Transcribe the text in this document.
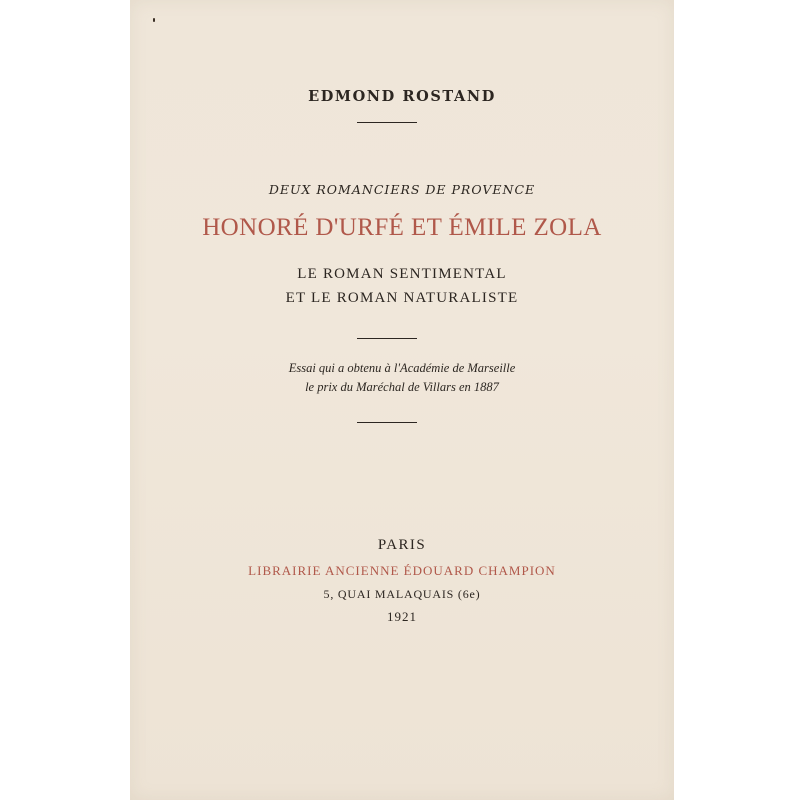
EDMOND ROSTAND

DEUX ROMANCIERS DE PROVENCE

HONORÉ D'URFÉ ET ÉMILE ZOLA

LE ROMAN SENTIMENTAL

ET LE ROMAN NATURALISTE

Essai qui a obtenu à l'Académie de Marseille

le prix du Maréchal de Villars en 1887

PARIS

LIBRAIRIE ANCIENNE ÉDOUARD CHAMPION

5, QUAI MALAQUAIS (6e)

1921
